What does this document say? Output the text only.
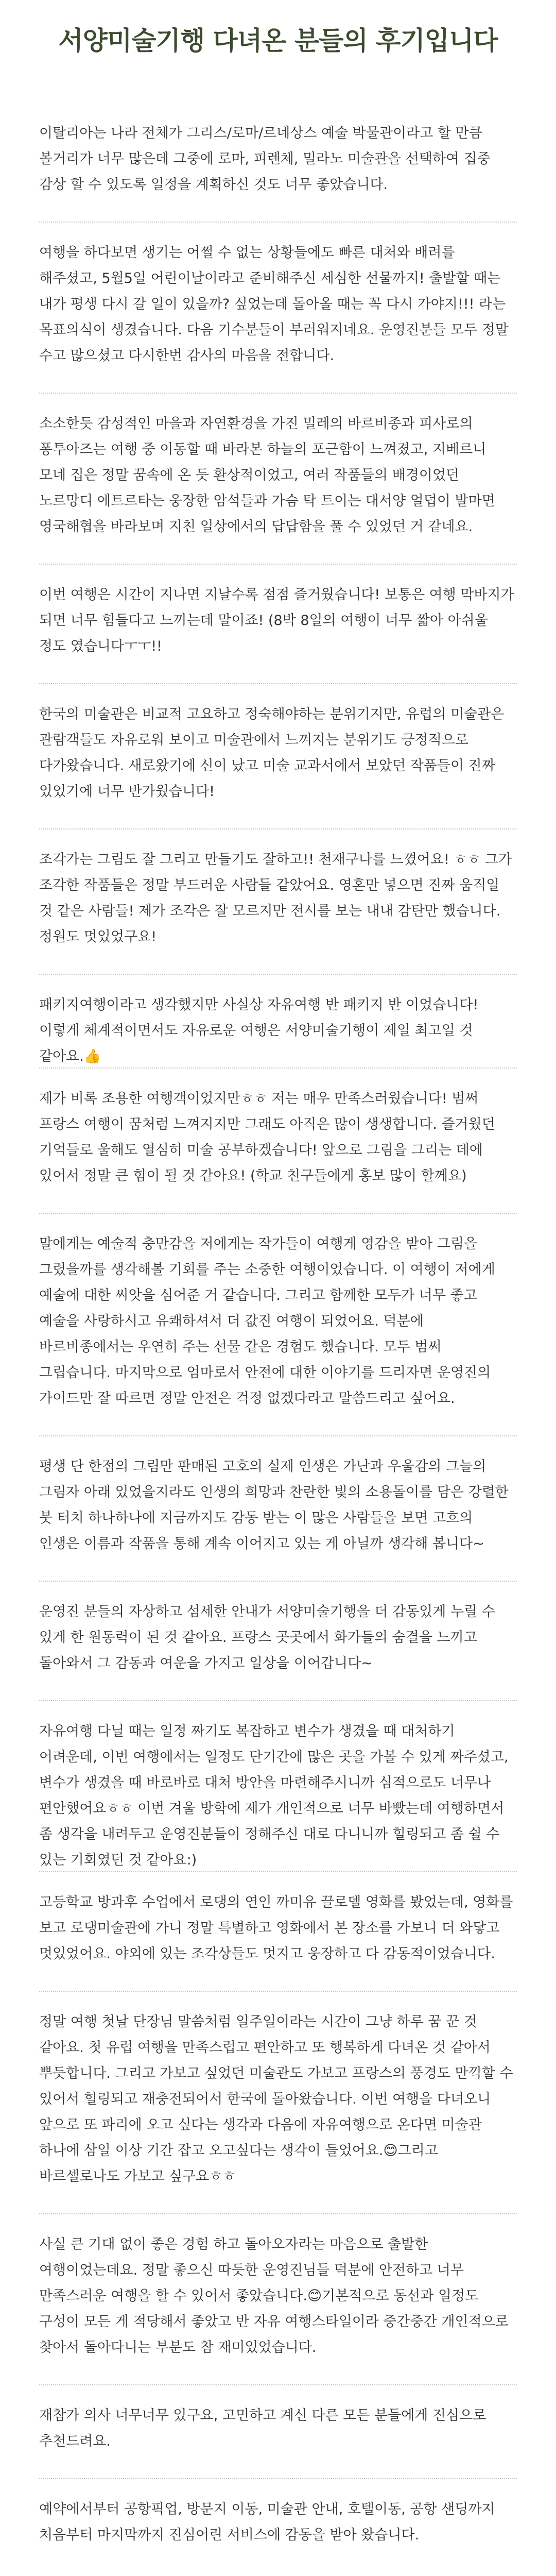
서양미술기행 다녀온 분들의 후기입니다

이탈리아는 나라 전체가 그리스/로마/르네상스 예술 박물관이라고 할 만큼 볼거리가 너무 많은데 그중에 로마, 피렌체, 밀라노 미술관을 선택하여 집중 감상 할 수 있도록 일정을 계획하신 것도 너무 좋았습니다.

여행을 하다보면 생기는 어쩔 수 없는 상황들에도 빠른 대처와 배려를 해주셨고, 5월5일 어린이날이라고 준비해주신 세심한 선물까지! 출발할 때는 내가 평생 다시 갈 일이 있을까? 싶었는데 돌아올 때는 꼭 다시 가야지!!! 라는 목표의식이 생겼습니다. 다음 기수분들이 부러워지네요. 운영진분들 모두 정말 수고 많으셨고 다시한번 감사의 마음을 전합니다.

소소한듯 감성적인 마을과 자연환경을 가진 밀레의 바르비종과 피사로의 퐁투아즈는 여행 중 이동할 때 바라본 하늘의 포근함이 느껴졌고, 지베르니 모네 집은 정말 꿈속에 온 듯 환상적이었고, 여러 작품들의 배경이었던 노르망디 에트르타는 웅장한 암석들과 가슴 탁 트이는 대서양 얼덥이 발마면 영국해협을 바라보며 지친 일상에서의 답답함을 풀 수 있었던 거 같네요.

이번 여행은 시간이 지나면 지날수록 점점 즐거웠습니다! 보통은 여행 막바지가 되면 너무 힘들다고 느끼는데 말이죠! (8박 8일의 여행이 너무 짧아 아쉬울 정도 였습니다ㅜㅜ!!

한국의 미술관은 비교적 고요하고 정숙해야하는 분위기지만, 유럽의 미술관은 관람객들도 자유로워 보이고 미술관에서 느껴지는 분위기도 긍정적으로 다가왔습니다. 새로왔기에 신이 났고 미술 교과서에서 보았던 작품들이 진짜 있었기에 너무 반가웠습니다!

조각가는 그림도 잘 그리고 만들기도 잘하고!! 천재구나를 느꼈어요! ㅎㅎ 그가 조각한 작품들은 정말 부드러운 사람들 같았어요. 영혼만 넣으면 진짜 움직일 것 같은 사람들! 제가 조각은 잘 모르지만 전시를 보는 내내 감탄만 했습니다. 정원도 멋있었구요!

패키지여행이라고 생각했지만 사실상 자유여행 반 패키지 반 이었습니다! 이렇게 체계적이면서도 자유로운 여행은 서양미술기행이 제일 최고일 것 같아요.👍

제가 비록 조용한 여행객이었지만ㅎㅎ 저는 매우 만족스러웠습니다! 범써 프랑스 여행이 꿈처럼 느껴지지만 그래도 아직은 많이 생생합니다. 즐거웠던 기억들로 울해도 열심히 미술 공부하겠습니다! 앞으로 그림을 그리는 데에 있어서 정말 큰 힘이 될 것 같아요! (학교 친구들에게 홍보 많이 할께요)

말에게는 예술적 충만감을 저에게는 작가들이 여행게 영감을 받아 그림을 그렸을까를 생각해볼 기회를 주는 소중한 여행이었습니다. 이 여행이 저에게 예술에 대한 씨앗을 심어준 거 같습니다. 그리고 함께한 모두가 너무 좋고 예술을 사랑하시고 유쾌하셔서 더 값진 여행이 되었어요. 덕분에 바르비종에서는 우연히 주는 선물 같은 경험도 했습니다. 모두 범써 그립습니다. 마지막으로 엄마로서 안전에 대한 이야기를 드리자면 운영진의 가이드만 잘 따르면 정말 안전은 걱정 없겠다라고 말씀드리고 싶어요.

평생 단 한점의 그림만 판매된 고호의 실제 인생은 가난과 우울감의 그늘의 그림자 아래 있었을지라도 인생의 희망과 찬란한 빛의 소용돌이를 담은 강렬한 붓 터치 하나하나에 지금까지도 감동 받는 이 많은 사람들을 보면 고흐의 인생은 이름과 작품을 통해 계속 이어지고 있는 게 아닐까 생각해 봅니다~

운영진 분들의 자상하고 섬세한 안내가 서양미술기행을 더 감동있게 누릴 수 있게 한 원동력이 된 것 같아요. 프랑스 곳곳에서 화가들의 숨결을 느끼고 돌아와서 그 감동과 여운을 가지고 일상을 이어갑니다~

자유여행 다닐 때는 일정 짜기도 복잡하고 변수가 생겼을 때 대처하기 어려운데, 이번 여행에서는 일정도 단기간에 많은 곳을 가볼 수 있게 짜주셨고, 변수가 생겼을 때 바로바로 대처 방안을 마련해주시니까 심적으로도 너무나 편안했어요ㅎㅎ 이번 겨울 방학에 제가 개인적으로 너무 바빴는데 여행하면서 좀 생각을 내려두고 운영진분들이 정해주신 대로 다니니까 힐링되고 좀 쉴 수 있는 기회였던 것 같아요:)

고등학교 방과후 수업에서 로댕의 연인 까미유 끌로델 영화를 봤었는데, 영화를 보고 로댕미술관에 가니 정말 특별하고 영화에서 본 장소를 가보니 더 와닿고 멋있었어요. 야외에 있는 조각상들도 멋지고 웅장하고 다 감동적이었습니다.

정말 여행 첫날 단장님 말씀처럼 일주일이라는 시간이 그냥 하루 꿈 꾼 것 같아요. 첫 유럽 여행을 만족스럽고 편안하고 또 행복하게 다녀온 것 같아서 뿌듯합니다. 그리고 가보고 싶었던 미술관도 가보고 프랑스의 풍경도 만끽할 수 있어서 힐링되고 재충전되어서 한국에 돌아왔습니다. 이번 여행을 다녀오니 앞으로 또 파리에 오고 싶다는 생각과 다음에 자유여행으로 온다면 미술관 하나에 삼일 이상 기간 잡고 오고싶다는 생각이 들었어요.😊그리고 바르셀로나도 가보고 싶구요ㅎㅎ

사실 큰 기대 없이 좋은 경험 하고 돌아오자라는 마음으로 출발한 여행이었는데요. 정말 좋으신 따듯한 운영진님들 덕분에 안전하고 너무 만족스러운 여행을 할 수 있어서 좋았습니다.😊기본적으로 동선과 일정도 구성이 모든 게 적당해서 좋았고 반 자유 여행스타일이라 중간중간 개인적으로 찾아서 돌아다니는 부분도 참 재미있었습니다.

재참가 의사 너무너무 있구요, 고민하고 계신 다른 모든 분들에게 진심으로 추천드려요.

예약에서부터 공항픽업, 방문지 이동, 미술관 안내, 호텔이동, 공항 샌딩까지 처음부터 마지막까지 진심어린 서비스에 감동을 받아 왔습니다.
